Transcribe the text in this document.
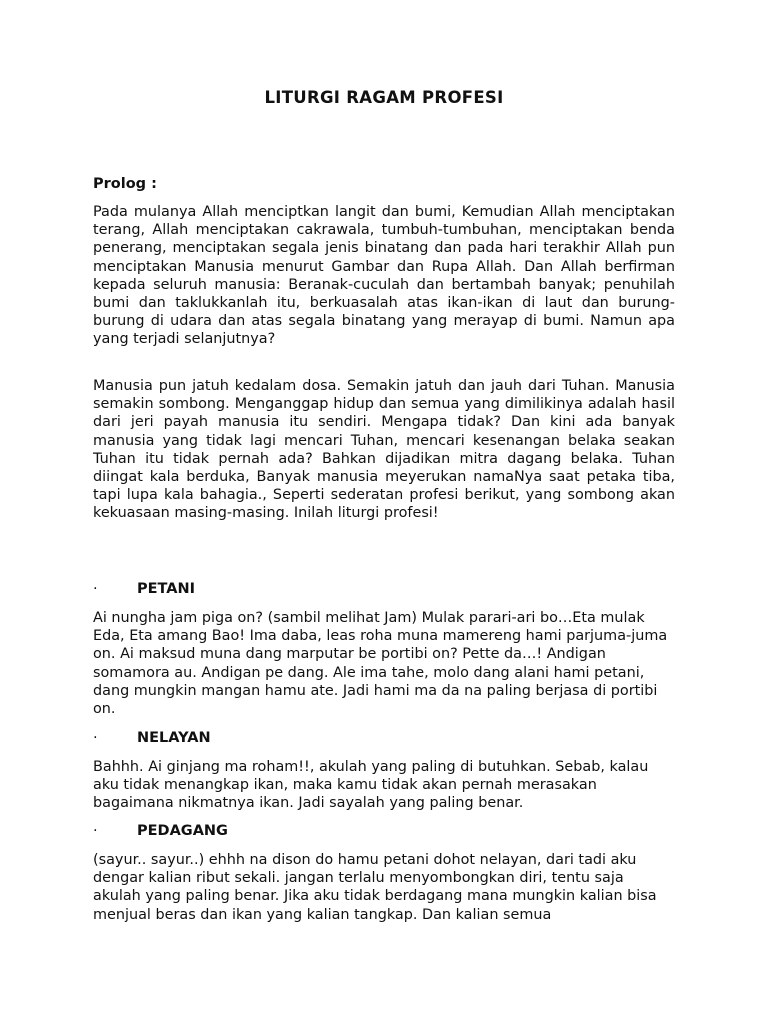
LITURGI RAGAM PROFESI

Prolog :

Pada mulanya Allah menciptkan langit dan bumi, Kemudian Allah menciptakan terang, Allah menciptakan cakrawala, tumbuh-tumbuhan, menciptakan benda penerang, menciptakan segala jenis binatang dan pada hari terakhir Allah pun menciptakan Manusia menurut Gambar dan Rupa Allah. Dan Allah berfirman kepada seluruh manusia: Beranak-cuculah dan bertambah banyak; penuhilah bumi dan taklukkanlah itu, berkuasalah atas ikan-ikan di laut dan burung-burung di udara dan atas segala binatang yang merayap di bumi. Namun apa yang terjadi selanjutnya?

Manusia pun jatuh kedalam dosa. Semakin jatuh dan jauh dari Tuhan. Manusia semakin sombong. Menganggap hidup dan semua yang dimilikinya adalah hasil dari jeri payah manusia itu sendiri. Mengapa tidak? Dan kini ada banyak manusia yang tidak lagi mencari Tuhan, mencari kesenangan belaka seakan Tuhan itu tidak pernah ada? Bahkan dijadikan mitra dagang belaka. Tuhan diingat kala berduka, Banyak manusia meyerukan namaNya saat petaka tiba, tapi lupa kala bahagia., Seperti sederatan profesi berikut, yang sombong akan kekuasaan masing-masing. Inilah liturgi profesi!

·	PETANI

Ai nungha jam piga on? (sambil melihat Jam) Mulak parari-ari bo…Eta mulak Eda, Eta amang Bao! Ima daba, leas roha muna mamereng hami parjuma-juma on. Ai maksud muna dang marputar be portibi on? Pette da…! Andigan somamora au. Andigan pe dang. Ale ima tahe, molo dang alani hami petani, dang mungkin mangan hamu ate. Jadi hami ma da na paling berjasa di portibi on.

·	NELAYAN

Bahhh. Ai ginjang ma roham!!, akulah yang paling di butuhkan. Sebab, kalau aku tidak menangkap ikan, maka kamu tidak akan pernah merasakan bagaimana nikmatnya ikan. Jadi sayalah yang paling benar.

·	PEDAGANG

(sayur.. sayur..) ehhh na dison do hamu petani dohot nelayan, dari tadi aku dengar kalian ribut sekali. jangan terlalu menyombongkan diri, tentu saja akulah yang paling benar. Jika aku tidak berdagang mana mungkin kalian bisa menjual beras dan ikan yang kalian tangkap. Dan kalian semua
